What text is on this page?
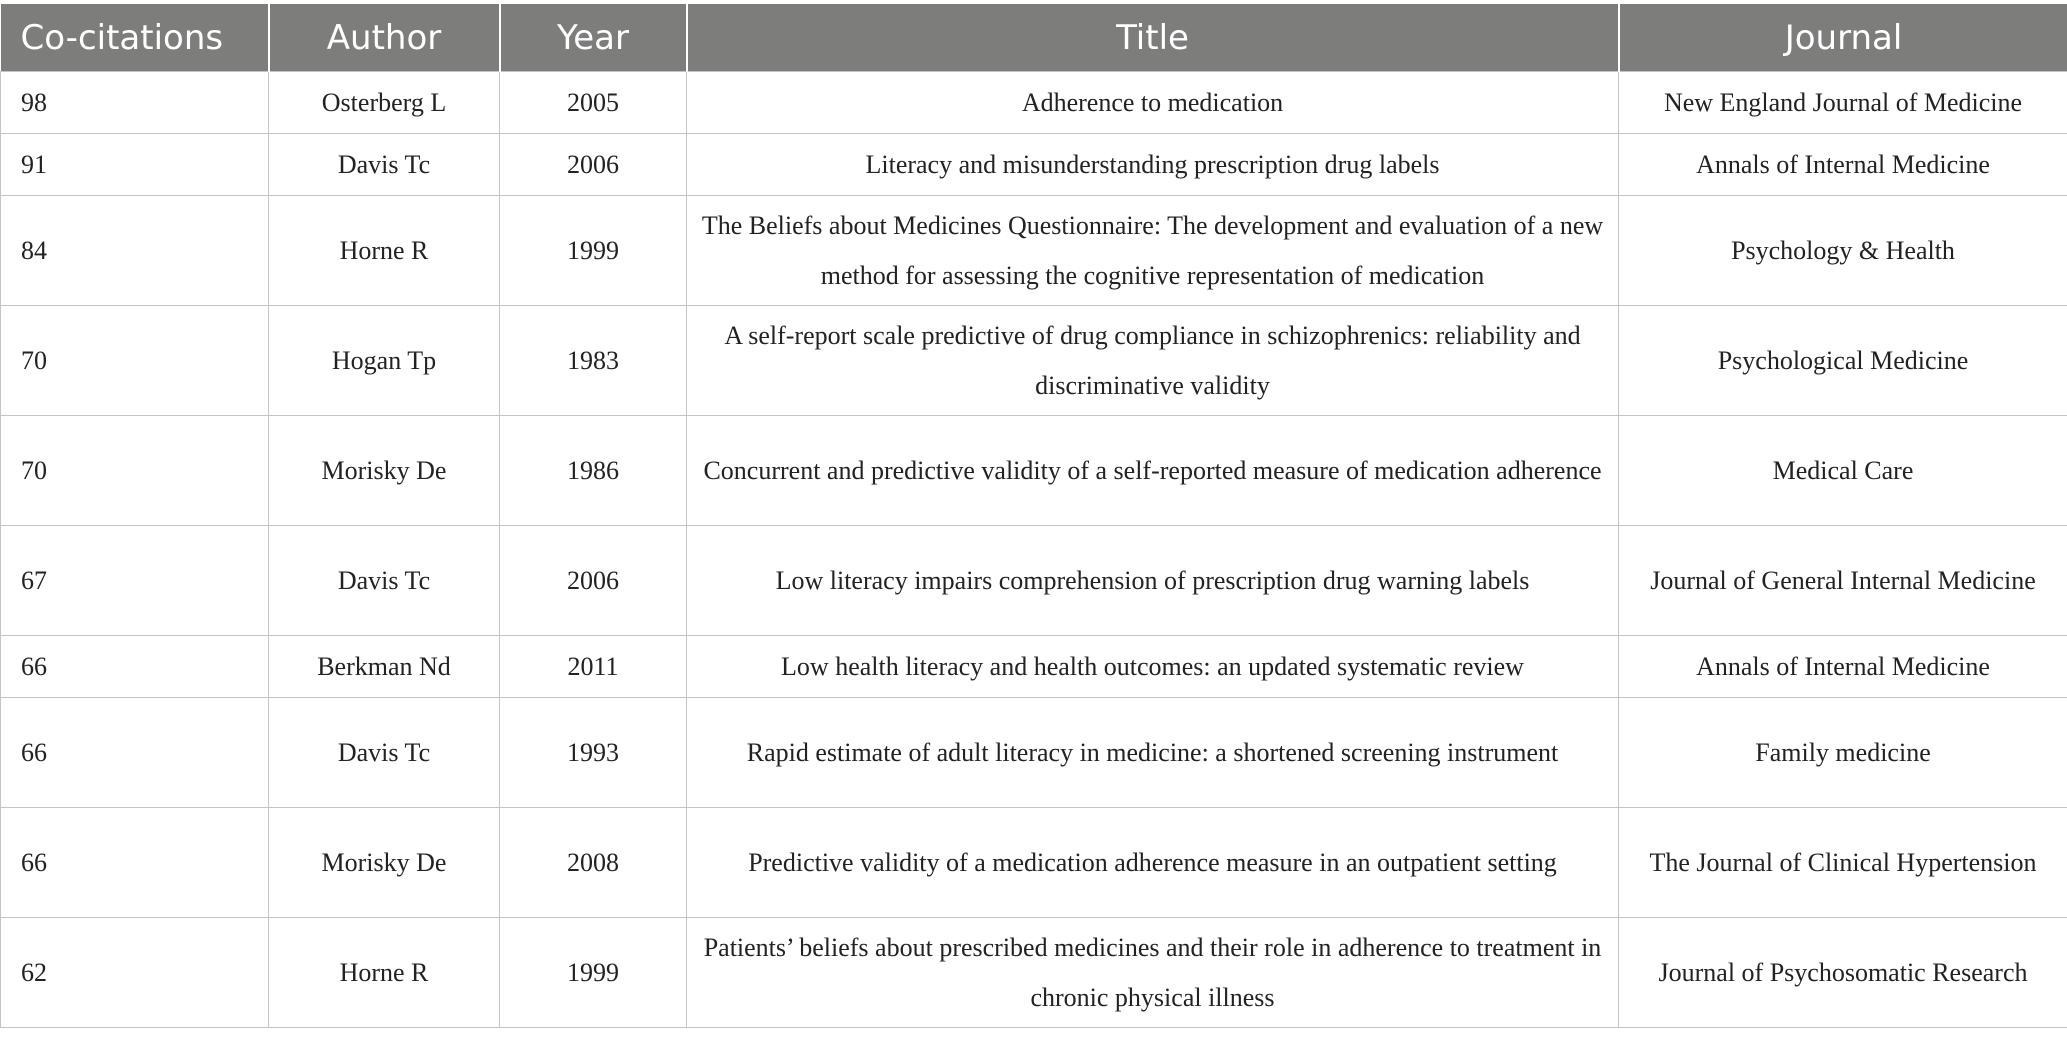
Co-citations	Author	Year	Title	Journal
98	Osterberg L	2005	Adherence to medication	New England Journal of Medicine
91	Davis Tc	2006	Literacy and misunderstanding prescription drug labels	Annals of Internal Medicine
84	Horne R	1999	The Beliefs about Medicines Questionnaire: The development and evaluation of a new method for assessing the cognitive representation of medication	Psychology & Health
70	Hogan Tp	1983	A self-report scale predictive of drug compliance in schizophrenics: reliability and discriminative validity	Psychological Medicine
70	Morisky De	1986	Concurrent and predictive validity of a self-reported measure of medication adherence	Medical Care
67	Davis Tc	2006	Low literacy impairs comprehension of prescription drug warning labels	Journal of General Internal Medicine
66	Berkman Nd	2011	Low health literacy and health outcomes: an updated systematic review	Annals of Internal Medicine
66	Davis Tc	1993	Rapid estimate of adult literacy in medicine: a shortened screening instrument	Family medicine
66	Morisky De	2008	Predictive validity of a medication adherence measure in an outpatient setting	The Journal of Clinical Hypertension
62	Horne R	1999	Patients’ beliefs about prescribed medicines and their role in adherence to treatment in chronic physical illness	Journal of Psychosomatic Research
